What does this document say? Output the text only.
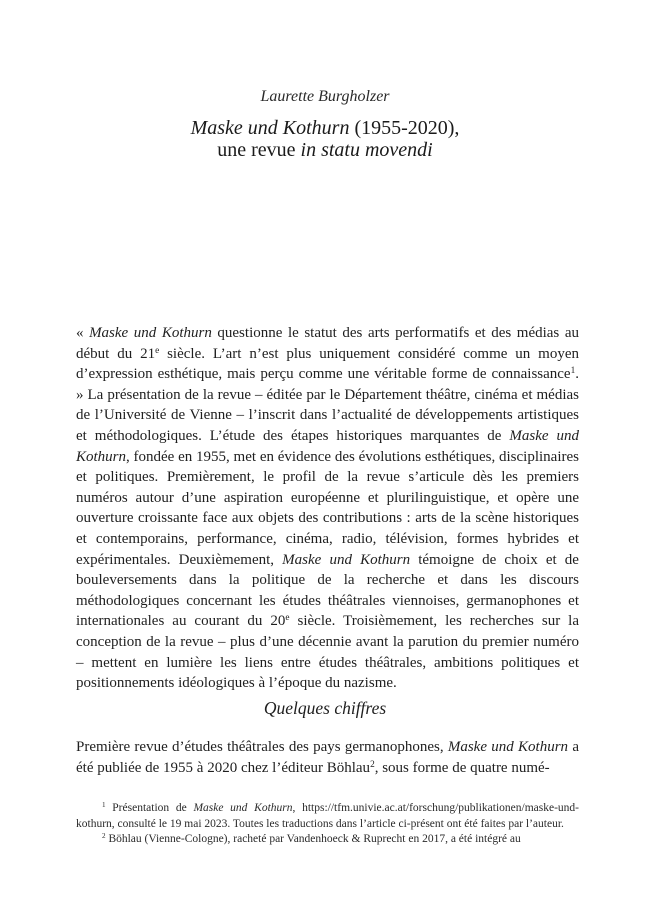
Laurette Burgholzer
Maske und Kothurn (1955-2020),
une revue in statu movendi
« Maske und Kothurn questionne le statut des arts performatifs et des médias au début du 21e siècle. L’art n’est plus uniquement considéré comme un moyen d’expression esthétique, mais perçu comme une véritable forme de connaissance$^1$. » La présentation de la revue – éditée par le Département théâtre, cinéma et médias de l’Université de Vienne – l’inscrit dans l’actualité de développements artistiques et méthodologiques. L’étude des étapes historiques marquantes de Maske und Kothurn, fondée en 1955, met en évidence des évolutions esthétiques, disciplinaires et politiques. Premièrement, le profil de la revue s’articule dès les premiers numéros autour d’une aspiration européenne et plurilinguistique, et opère une ouverture croissante face aux objets des contributions : arts de la scène historiques et contemporains, performance, cinéma, radio, télévision, formes hybrides et expérimentales. Deuxièmement, Maske und Kothurn témoigne de choix et de bouleversements dans la politique de la recherche et dans les discours méthodologiques concernant les études théâtrales viennoises, germanophones et internationales au courant du 20e siècle. Troisièmement, les recherches sur la conception de la revue – plus d’une décennie avant la parution du premier numéro – mettent en lumière les liens entre études théâtrales, ambitions politiques et positionnements idéologiques à l’époque du nazisme.
Quelques chiffres
Première revue d’études théâtrales des pays germanophones, Maske und Kothurn a été publiée de 1955 à 2020 chez l’éditeur Böhlau$^2$, sous forme de quatre numé-

$^1$ Présentation de Maske und Kothurn, https://tfm.univie.ac.at/forschung/publikationen/maske-und-kothurn, consulté le 19 mai 2023. Toutes les traductions dans l’article ci-présent ont été faites par l’auteur.

$^2$ Böhlau (Vienne-Cologne), racheté par Vandenhoeck & Ruprecht en 2017, a été intégré au
